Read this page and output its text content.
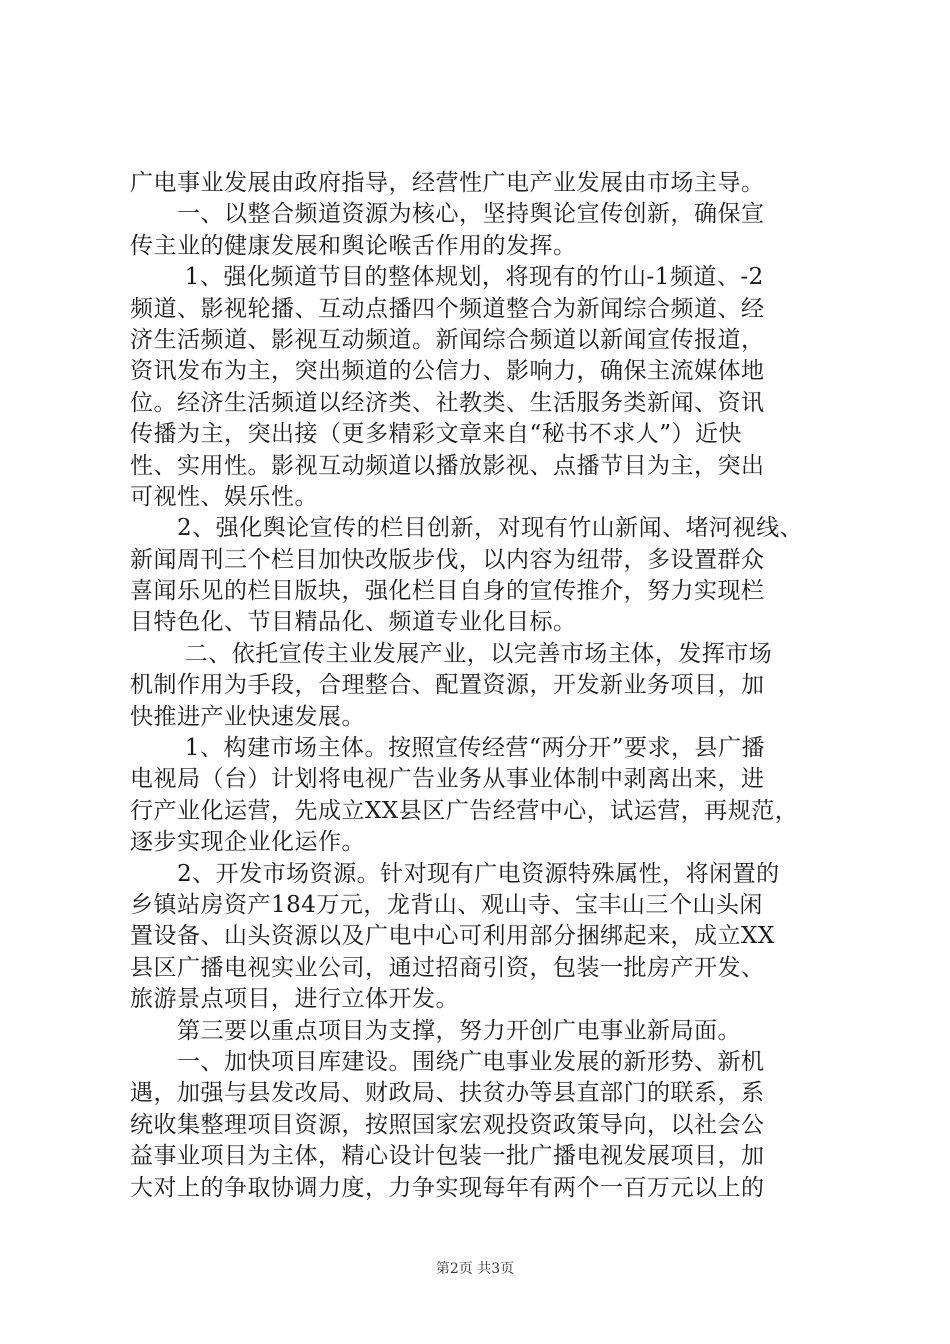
广电事业发展由政府指导，经营性广电产业发展由市场主导。
　　一、以整合频道资源为核心，坚持舆论宣传创新，确保宣
传主业的健康发展和舆论喉舌作用的发挥。
　　 1、强化频道节目的整体规划，将现有的竹山-1频道、-2
频道、影视轮播、互动点播四个频道整合为新闻综合频道、经
济生活频道、影视互动频道。新闻综合频道以新闻宣传报道，
资讯发布为主，突出频道的公信力、影响力，确保主流媒体地
位。经济生活频道以经济类、社教类、生活服务类新闻、资讯
传播为主，突出接（更多精彩文章来自“秘书不求人”）近快
性、实用性。影视互动频道以播放影视、点播节目为主，突出
可视性、娱乐性。
　　2、强化舆论宣传的栏目创新，对现有竹山新闻、堵河视线、
新闻周刊三个栏目加快改版步伐，以内容为纽带，多设置群众
喜闻乐见的栏目版块，强化栏目自身的宣传推介，努力实现栏
目特色化、节目精品化、频道专业化目标。
　　 二、依托宣传主业发展产业，以完善市场主体，发挥市场
机制作用为手段，合理整合、配置资源，开发新业务项目，加
快推进产业快速发展。
　　 1、构建市场主体。按照宣传经营“两分开”要求，县广播
电视局（台）计划将电视广告业务从事业体制中剥离出来，进
行产业化运营，先成立XX县区广告经营中心，试运营，再规范，
逐步实现企业化运作。
　　2、开发市场资源。针对现有广电资源特殊属性，将闲置的
乡镇站房资产184万元，龙背山、观山寺、宝丰山三个山头闲
置设备、山头资源以及广电中心可利用部分捆绑起来，成立XX
县区广播电视实业公司，通过招商引资，包装一批房产开发、
旅游景点项目，进行立体开发。
　　第三要以重点项目为支撑，努力开创广电事业新局面。
　　一、加快项目库建设。围绕广电事业发展的新形势、新机
遇，加强与县发改局、财政局、扶贫办等县直部门的联系，系
统收集整理项目资源，按照国家宏观投资政策导向，以社会公
益事业项目为主体，精心设计包装一批广播电视发展项目，加
大对上的争取协调力度，力争实现每年有两个一百万元以上的
第2页 共3页
